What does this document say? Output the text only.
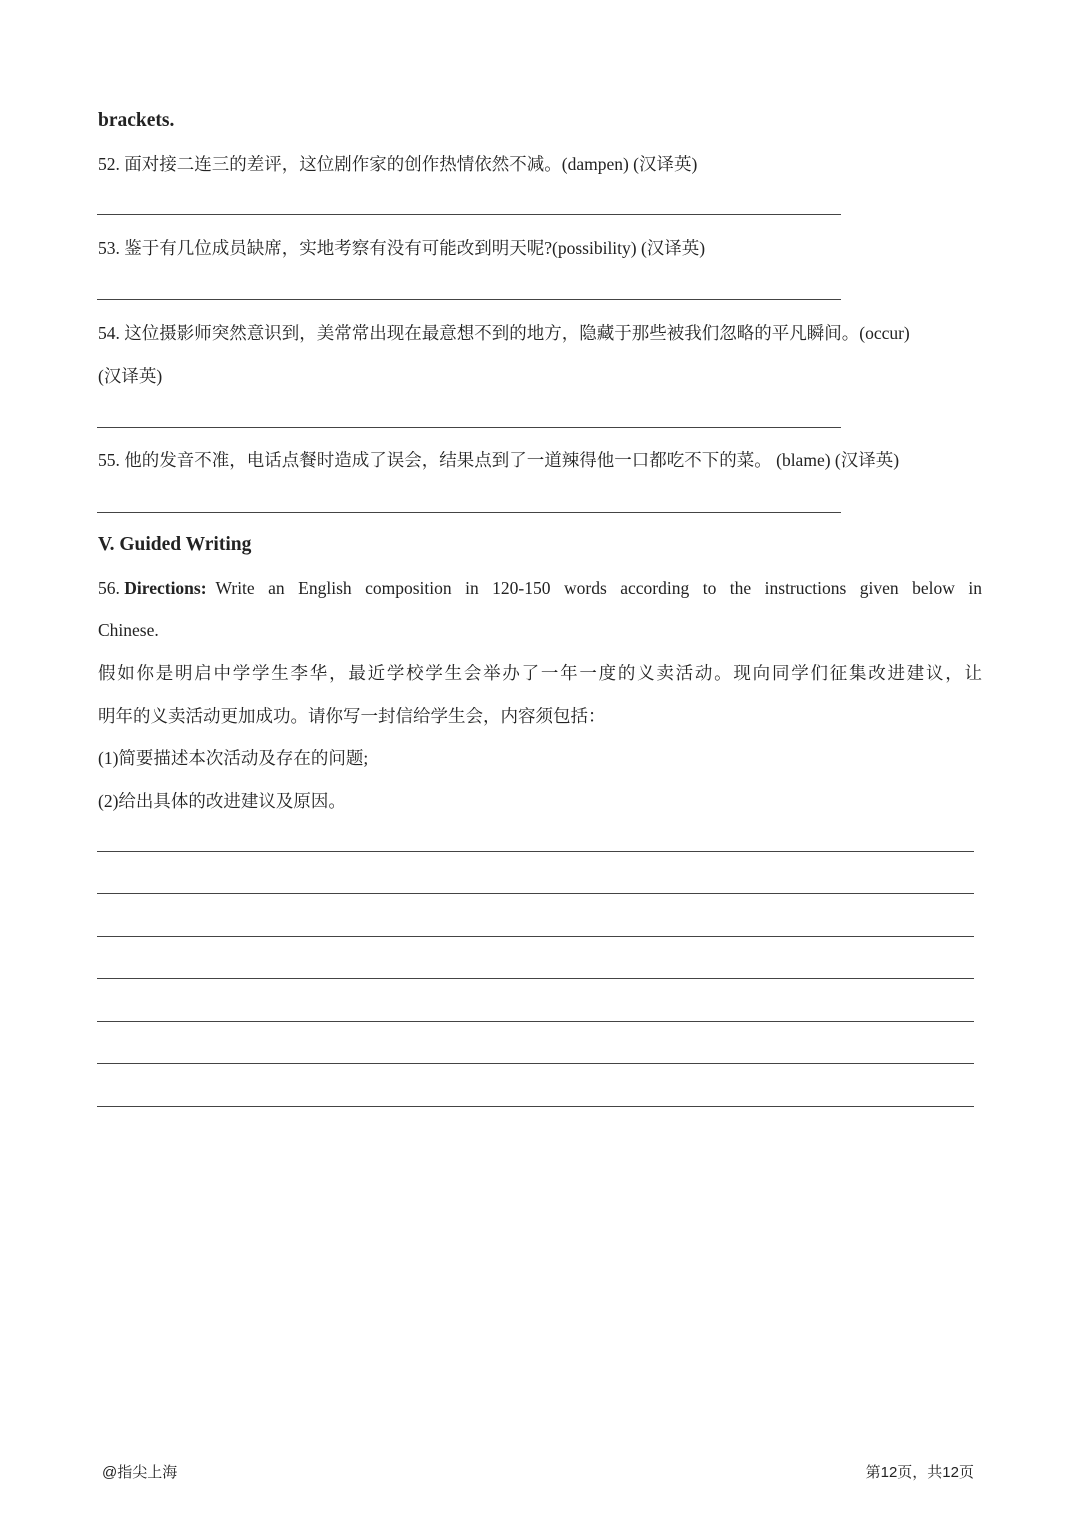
brackets.
52. 面对接二连三的差评，这位剧作家的创作热情依然不减。(dampen) (汉译英)
53. 鉴于有几位成员缺席，实地考察有没有可能改到明天呢?(possibility) (汉译英)
54. 这位摄影师突然意识到，美常常出现在最意想不到的地方，隐藏于那些被我们忽略的平凡瞬间。(occur)
(汉译英)
55. 他的发音不准，电话点餐时造成了误会，结果点到了一道辣得他一口都吃不下的菜。 (blame) (汉译英)
V. Guided Writing
56. Directions: Write an English composition in 120-150 words according to the instructions given below in
Chinese.
假如你是明启中学学生李华，最近学校学生会举办了一年一度的义卖活动。现向同学们征集改进建议，让
明年的义卖活动更加成功。请你写一封信给学生会，内容须包括：
(1)简要描述本次活动及存在的问题;
(2)给出具体的改进建议及原因。
@指尖上海	第12页，共12页
